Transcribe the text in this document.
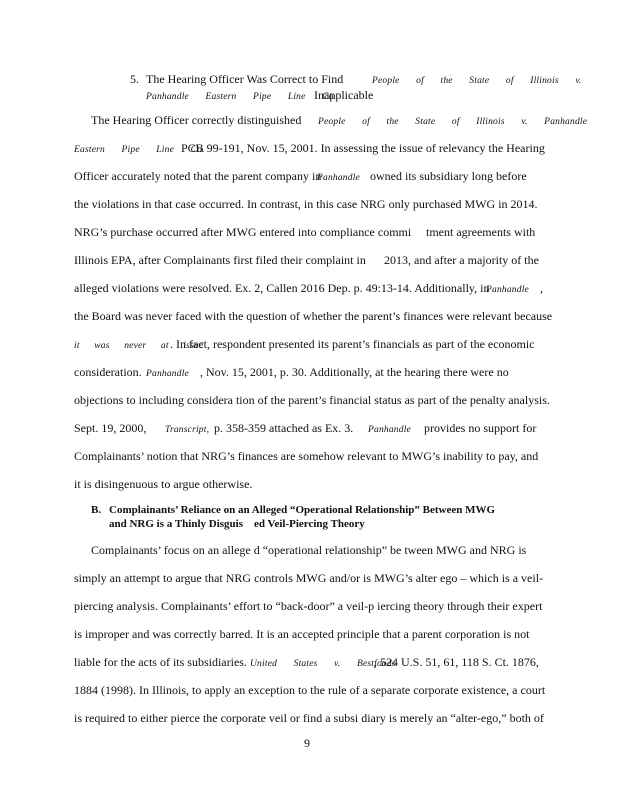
5. The Hearing Officer Was Correct to Find	People of the State of Illinois v.
Panhandle Eastern Pipe Line Co.
Inapplicable
The Hearing Officer correctly distinguished People of the State of Illinois v. Panhandle
Eastern Pipe Line Co.
PCB 99-191, Nov. 15, 2001. In assessing the issue of relevancy the Hearing
Officer accurately noted that the parent company in
Panhandle owned its subsidiary long before
the violations in that case occurred. In contrast, in this case NRG only purchased MWG in 2014.
NRG’s purchase occurred after MWG entered into compliance commi tment agreements with
Illinois EPA, after Complainants first filed their complaint in 2013, and after a majority of the
alleged violations were resolved. Ex. 2, Callen 2016 Dep. p. 49:13-14. Additionally, in
Panhandle ,
the Board was never faced with the question of whether the parent’s finances were relevant because
it was never at issue
. In fact, respondent presented its parent’s financials as part of the economic
consideration. Panhandle , Nov. 15, 2001, p. 30. Additionally, at the hearing there were no
objections to including considera tion of the parent’s financial status as part of the penalty analysis.
Sept. 19, 2000, Transcript, p. 358-359 attached as Ex. 3. Panhandle provides no support for
Complainants’ notion that NRG’s finances are somehow relevant to MWG’s inability to pay, and
it is disingenuous to argue otherwise.
B. Complainants’ Reliance on an Alleged “Operational Relationship” Between MWG
and NRG is a Thinly Disguis ed Veil-Piercing Theory
Complainants’ focus on an allege d “operational relationship” be tween MWG and NRG is
simply an attempt to argue that NRG controls MWG and/or is MWG’s alter ego – which is a veil-
piercing analysis. Complainants’ effort to “back-door” a veil-p iercing theory through their expert
is improper and was correctly barred. It is an accepted principle that a parent corporation is not
liable for the acts of its subsidiaries. United States v. Bestfoods
, 524 U.S. 51, 61, 118 S. Ct. 1876,
1884 (1998). In Illinois, to apply an exception to the rule of a separate corporate existence, a court
is required to either pierce the corporate veil or find a subsi diary is merely an “alter-ego,” both of
9
